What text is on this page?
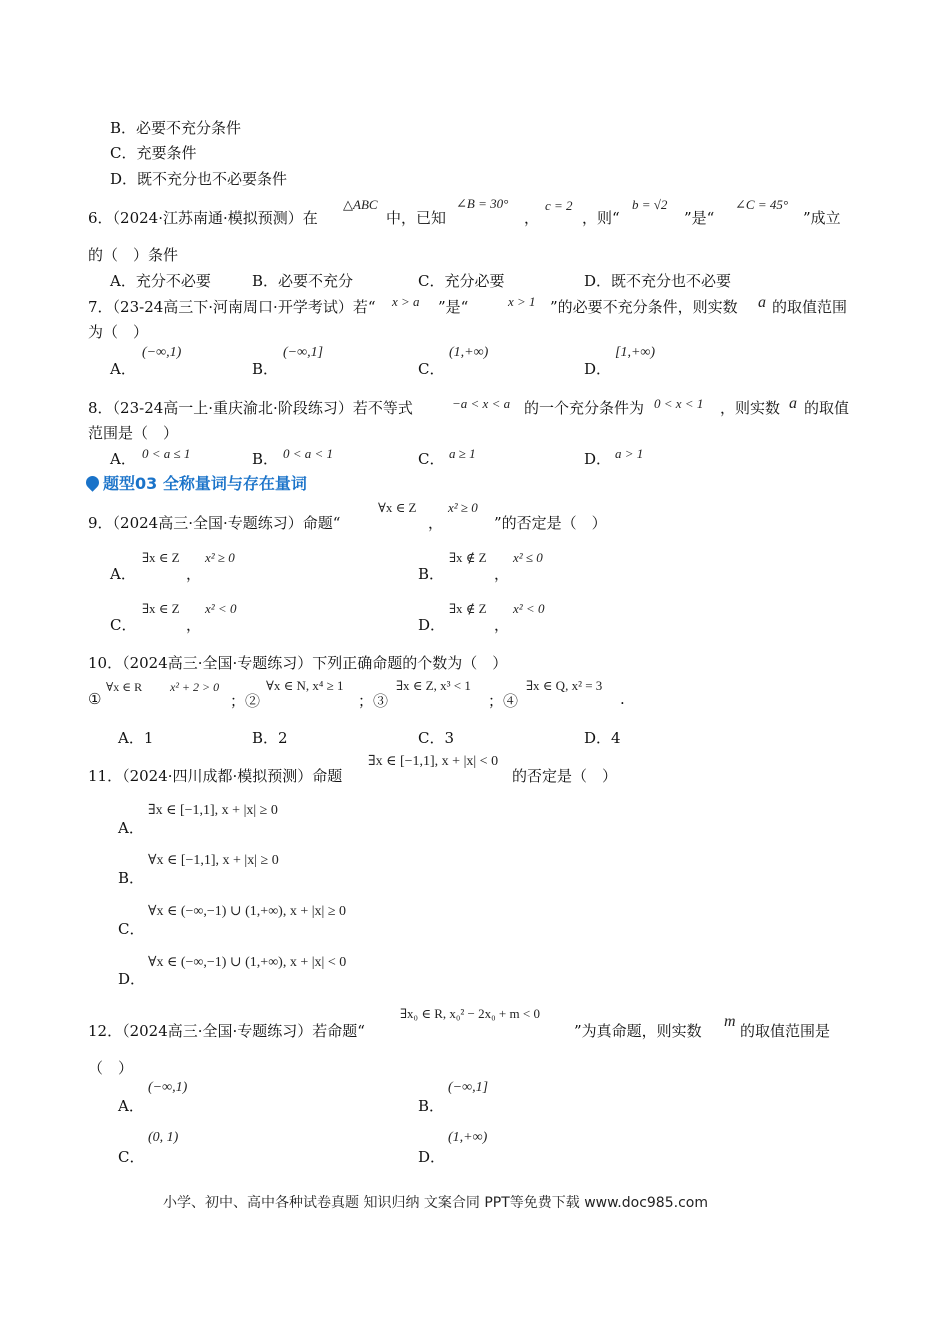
B．必要不充分条件
C．充要条件
D．既不充分也不必要条件
6．（2024·江苏南通·模拟预测）在
△ABC
中，已知
∠B = 30°
，
c = 2
，则“
b = √2
”是“
∠C = 45°
”成立
的（　）条件
A．充分不必要	B．必要不充分	C．充分必要	D．既不充分也不必要
7．（23-24高三下·河南周口·开学考试）若“ x > a ”是“	x > 1 ”的必要不充分条件，则实数 a 的取值范围
为（　）
A．
(−∞,1)
B．
(−∞,1]
C．
(1,+∞)
D．
[1,+∞)
8．（23-24高一上·重庆渝北·阶段练习）若不等式	−a < x < a 的一个充分条件为 0 < x < 1 ，则实数 a 的取值
范围是（　）
A． 0 < a ≤ 1	B． 0 < a < 1	C． a ≥ 1	D． a > 1
题型03 全称量词与存在量词
9．（2024高三·全国·专题练习）命题“
∀x ∈ Z
，
x² ≥ 0
”的否定是（　）
A．
∃x ∈ Z
，
x² ≥ 0
B．
∃x ∉ Z
，
x² ≤ 0
C．
∃x ∈ Z
，
x² < 0
D．
∃x ∉ Z
，
x² < 0
10．（2024高三·全国·专题练习）下列正确命题的个数为（　）
①
∀x ∈ R x² + 2 > 0
；②
∀x ∈ N, x⁴ ≥ 1
；③
∃x ∈ Z, x³ < 1
；④
∃x ∈ Q, x² = 3
.
A．1	B．2	C．3	D．4
11．（2024·四川成都·模拟预测）命题
∃x ∈ [−1,1], x + |x| < 0
的否定是（　）
A．
∃x ∈ [−1,1], x + |x| ≥ 0
B．
∀x ∈ [−1,1], x + |x| ≥ 0
C．
∀x ∈ (−∞,−1) ∪ (1,+∞), x + |x| ≥ 0
D．
∀x ∈ (−∞,−1) ∪ (1,+∞), x + |x| < 0
12．（2024高三·全国·专题练习）若命题“
∃x₀ ∈ R, x₀² − 2x₀ + m < 0
”为真命题，则实数
m
的取值范围是
（　）
A．
(−∞,1)
B．
(−∞,1]
C．
(0, 1)
D．
(1,+∞)
小学、初中、高中各种试卷真题 知识归纳 文案合同 PPT等免费下载 www.doc985.com
